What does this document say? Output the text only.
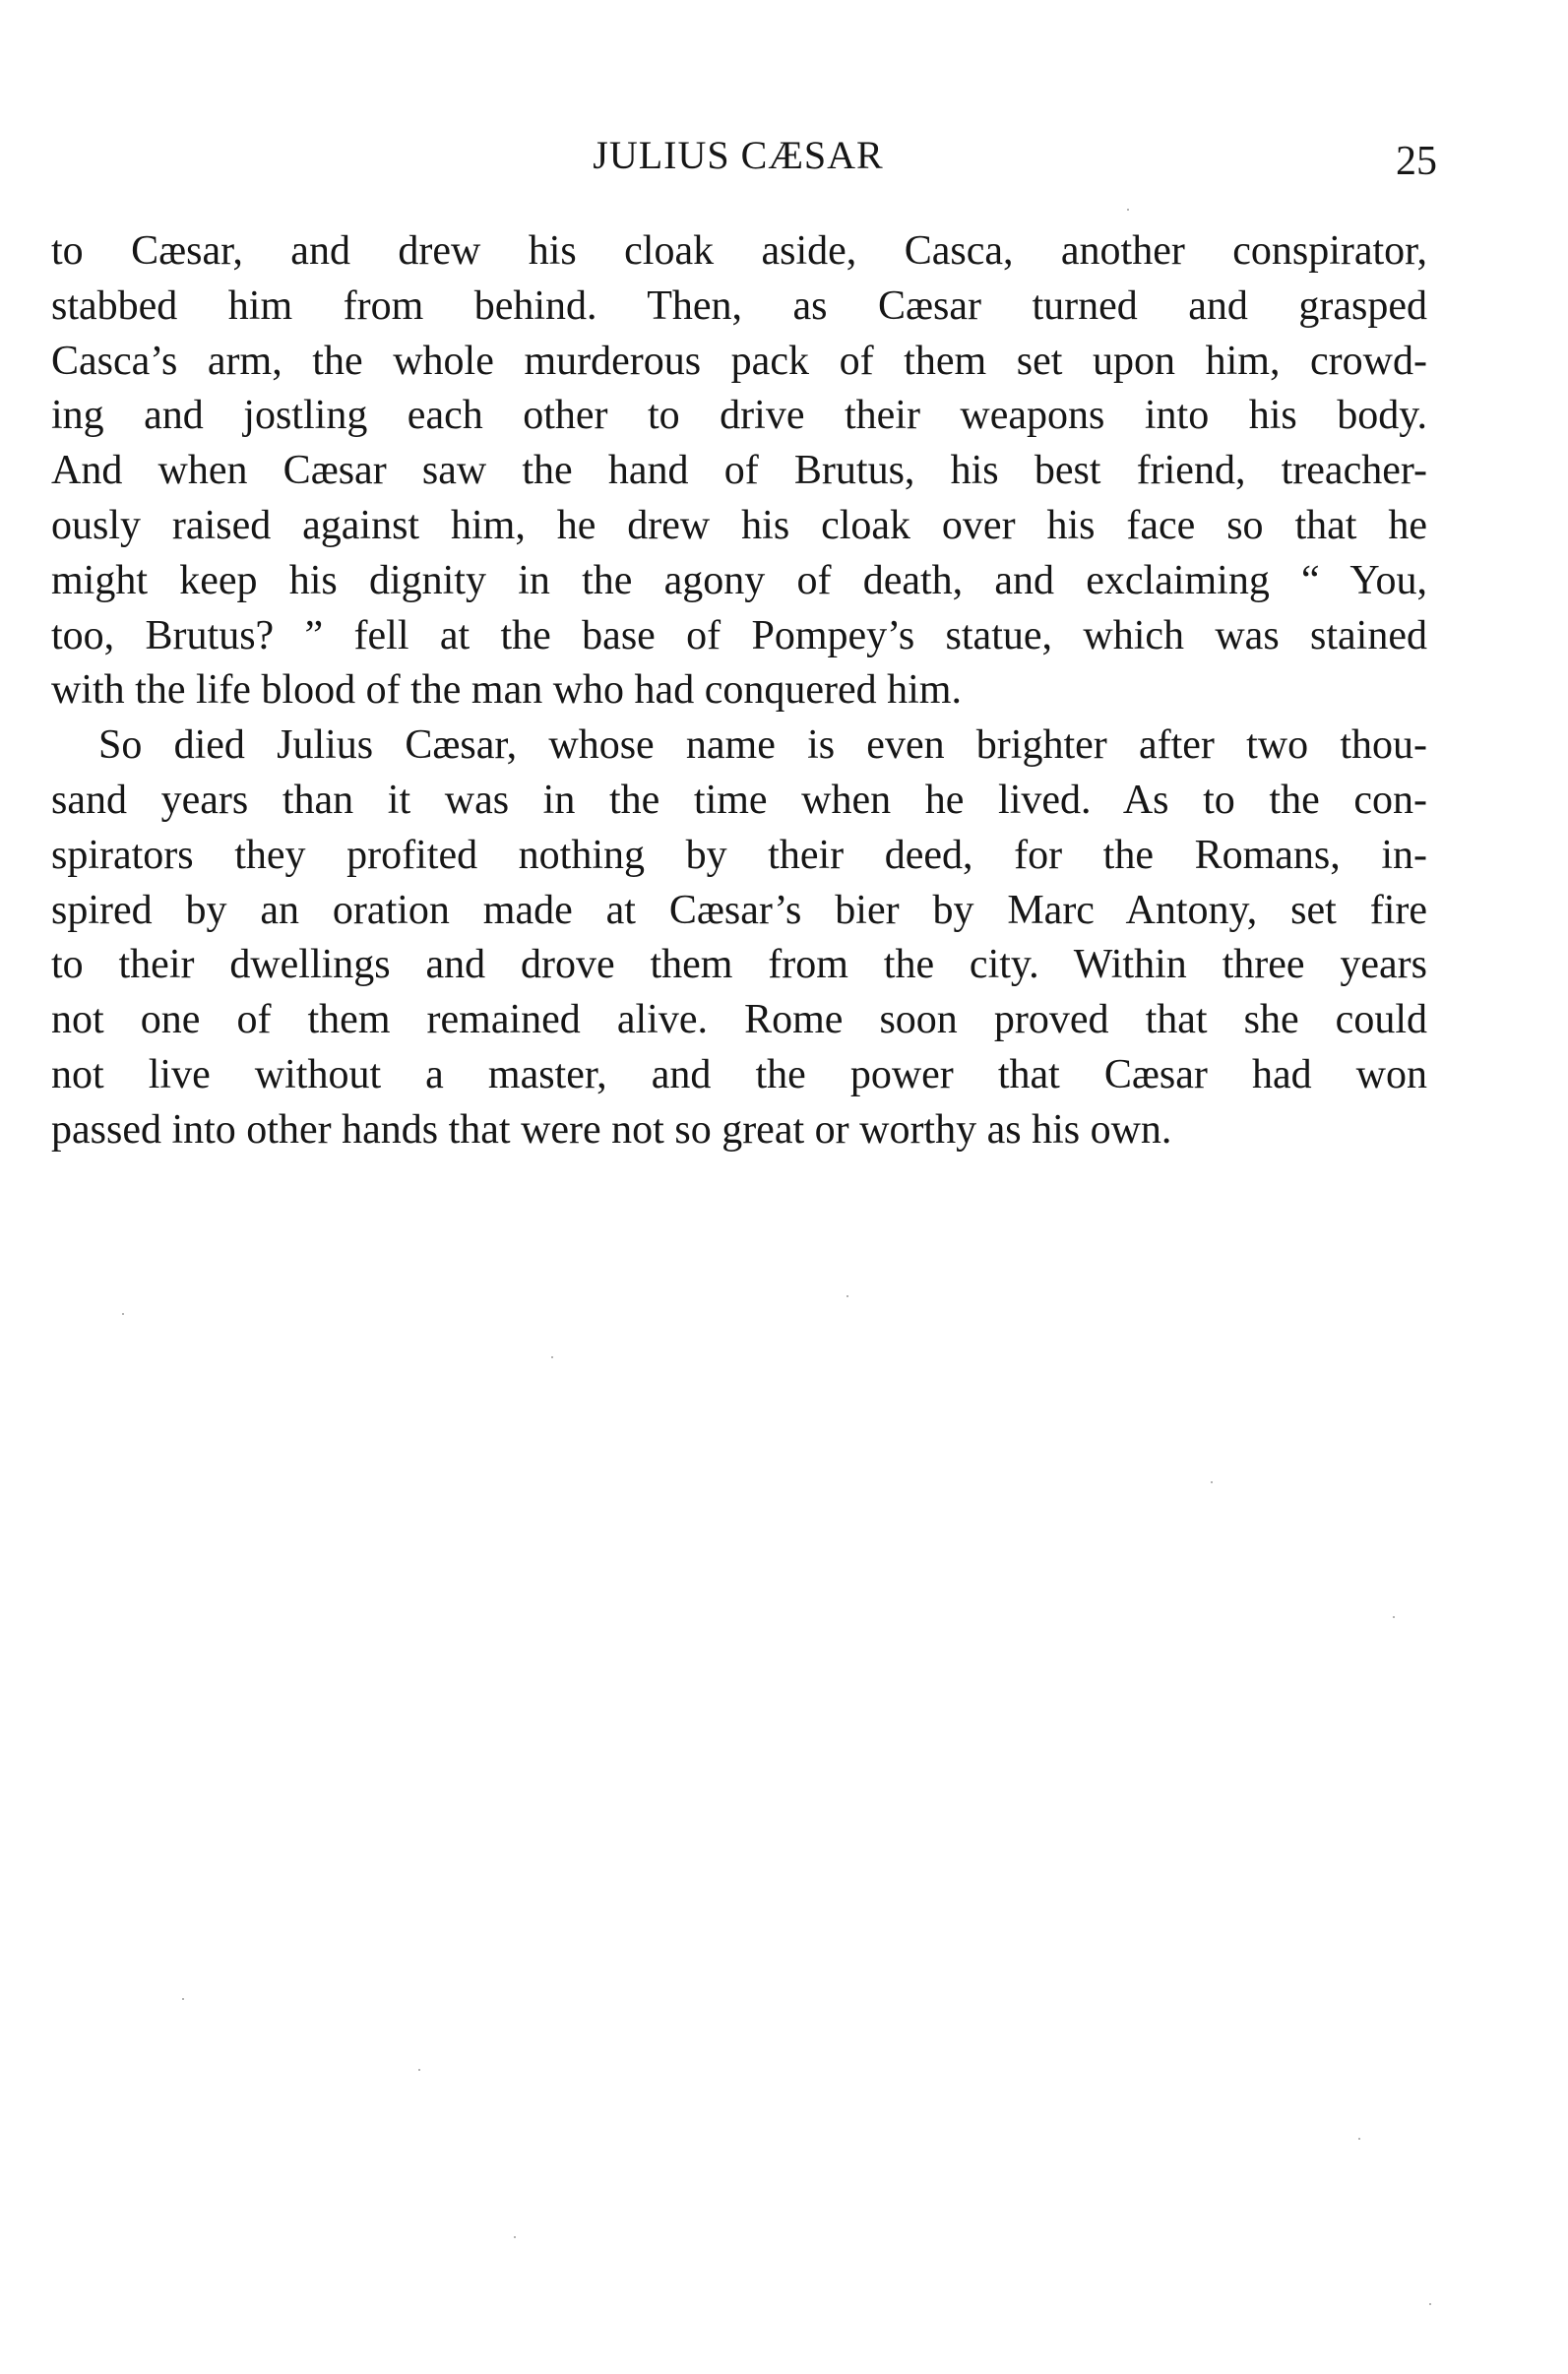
JULIUS CÆSAR	25
to Cæsar, and drew his cloak aside, Casca, another conspirator,
stabbed him from behind. Then, as Cæsar turned and grasped
Casca’s arm, the whole murderous pack of them set upon him, crowd-
ing and jostling each other to drive their weapons into his body.
And when Cæsar saw the hand of Brutus, his best friend, treacher-
ously raised against him, he drew his cloak over his face so that he
might keep his dignity in the agony of death, and exclaiming “ You,
too, Brutus? ” fell at the base of Pompey’s statue, which was stained
with the life blood of the man who had conquered him.
So died Julius Cæsar, whose name is even brighter after two thou-
sand years than it was in the time when he lived. As to the con-
spirators they profited nothing by their deed, for the Romans, in-
spired by an oration made at Cæsar’s bier by Marc Antony, set fire
to their dwellings and drove them from the city. Within three years
not one of them remained alive. Rome soon proved that she could
not live without a master, and the power that Cæsar had won
passed into other hands that were not so great or worthy as his own.
